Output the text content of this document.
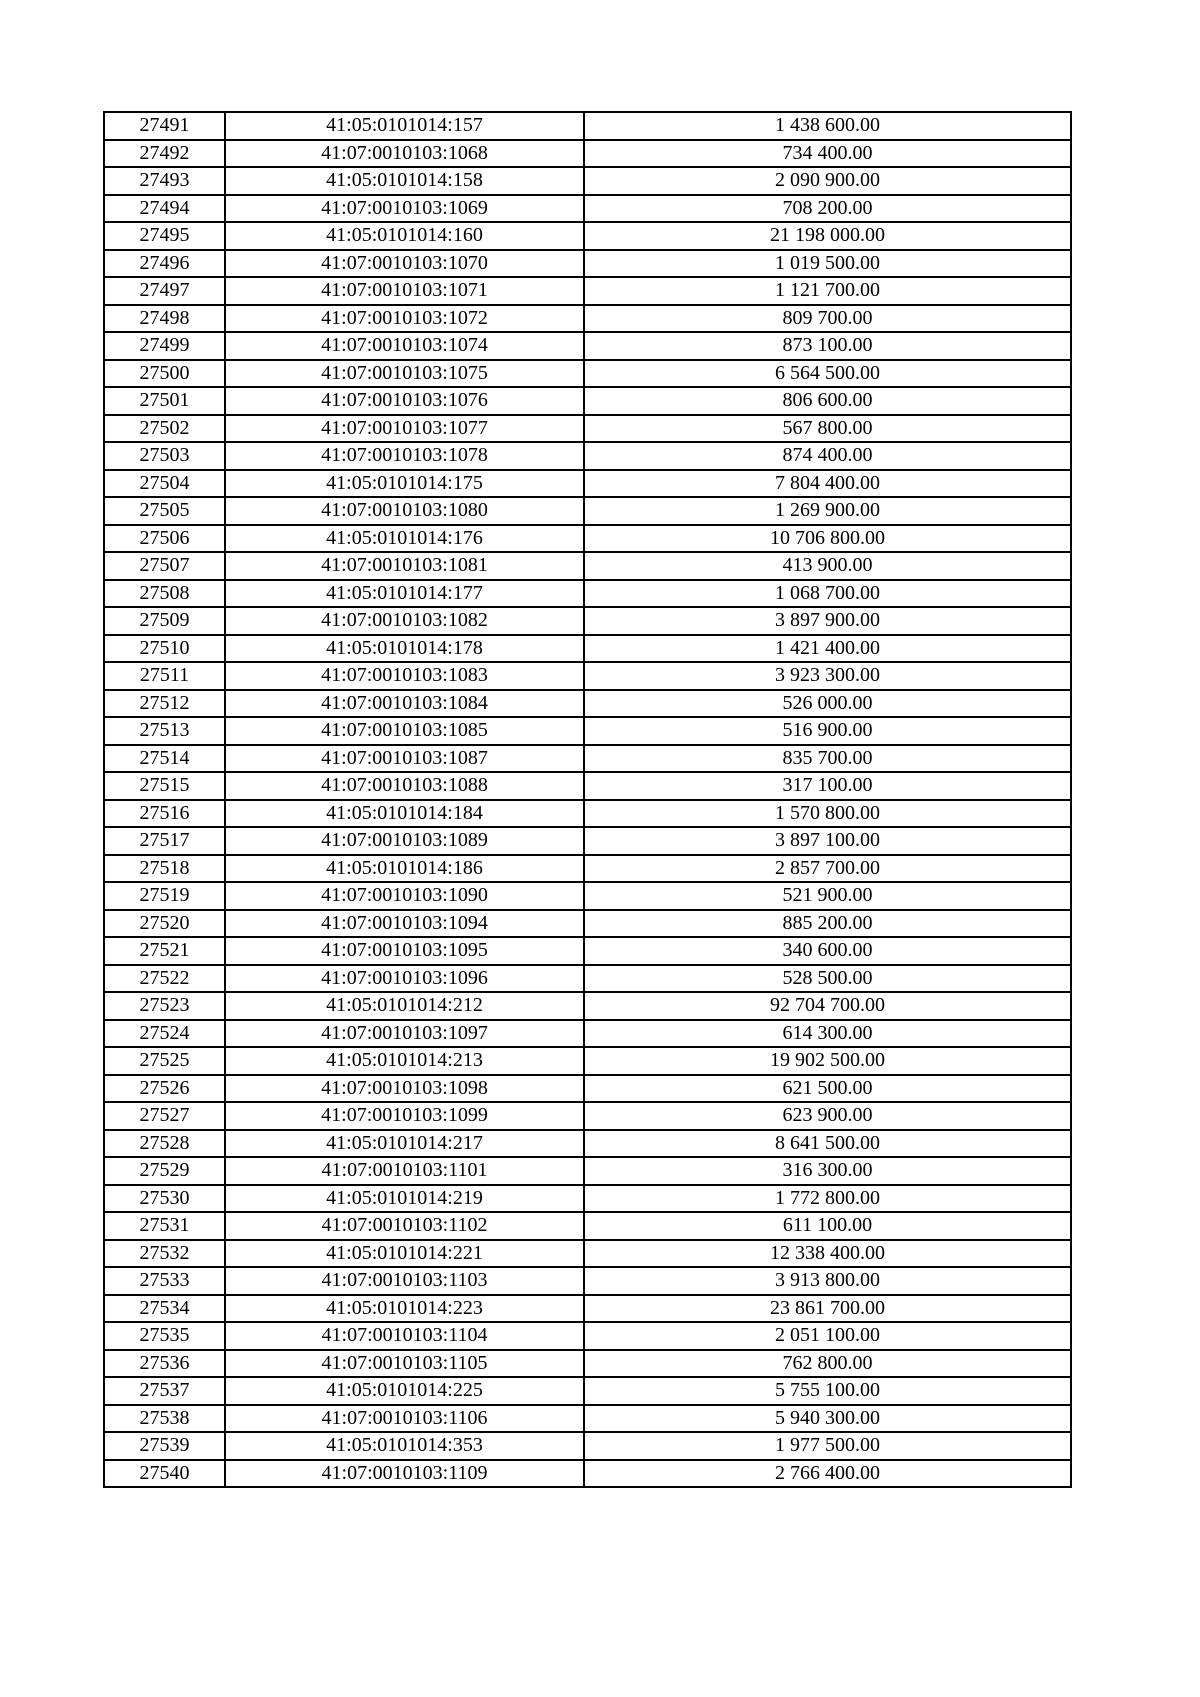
27491	41:05:0101014:157	1 438 600.00
27492	41:07:0010103:1068	734 400.00
27493	41:05:0101014:158	2 090 900.00
27494	41:07:0010103:1069	708 200.00
27495	41:05:0101014:160	21 198 000.00
27496	41:07:0010103:1070	1 019 500.00
27497	41:07:0010103:1071	1 121 700.00
27498	41:07:0010103:1072	809 700.00
27499	41:07:0010103:1074	873 100.00
27500	41:07:0010103:1075	6 564 500.00
27501	41:07:0010103:1076	806 600.00
27502	41:07:0010103:1077	567 800.00
27503	41:07:0010103:1078	874 400.00
27504	41:05:0101014:175	7 804 400.00
27505	41:07:0010103:1080	1 269 900.00
27506	41:05:0101014:176	10 706 800.00
27507	41:07:0010103:1081	413 900.00
27508	41:05:0101014:177	1 068 700.00
27509	41:07:0010103:1082	3 897 900.00
27510	41:05:0101014:178	1 421 400.00
27511	41:07:0010103:1083	3 923 300.00
27512	41:07:0010103:1084	526 000.00
27513	41:07:0010103:1085	516 900.00
27514	41:07:0010103:1087	835 700.00
27515	41:07:0010103:1088	317 100.00
27516	41:05:0101014:184	1 570 800.00
27517	41:07:0010103:1089	3 897 100.00
27518	41:05:0101014:186	2 857 700.00
27519	41:07:0010103:1090	521 900.00
27520	41:07:0010103:1094	885 200.00
27521	41:07:0010103:1095	340 600.00
27522	41:07:0010103:1096	528 500.00
27523	41:05:0101014:212	92 704 700.00
27524	41:07:0010103:1097	614 300.00
27525	41:05:0101014:213	19 902 500.00
27526	41:07:0010103:1098	621 500.00
27527	41:07:0010103:1099	623 900.00
27528	41:05:0101014:217	8 641 500.00
27529	41:07:0010103:1101	316 300.00
27530	41:05:0101014:219	1 772 800.00
27531	41:07:0010103:1102	611 100.00
27532	41:05:0101014:221	12 338 400.00
27533	41:07:0010103:1103	3 913 800.00
27534	41:05:0101014:223	23 861 700.00
27535	41:07:0010103:1104	2 051 100.00
27536	41:07:0010103:1105	762 800.00
27537	41:05:0101014:225	5 755 100.00
27538	41:07:0010103:1106	5 940 300.00
27539	41:05:0101014:353	1 977 500.00
27540	41:07:0010103:1109	2 766 400.00
